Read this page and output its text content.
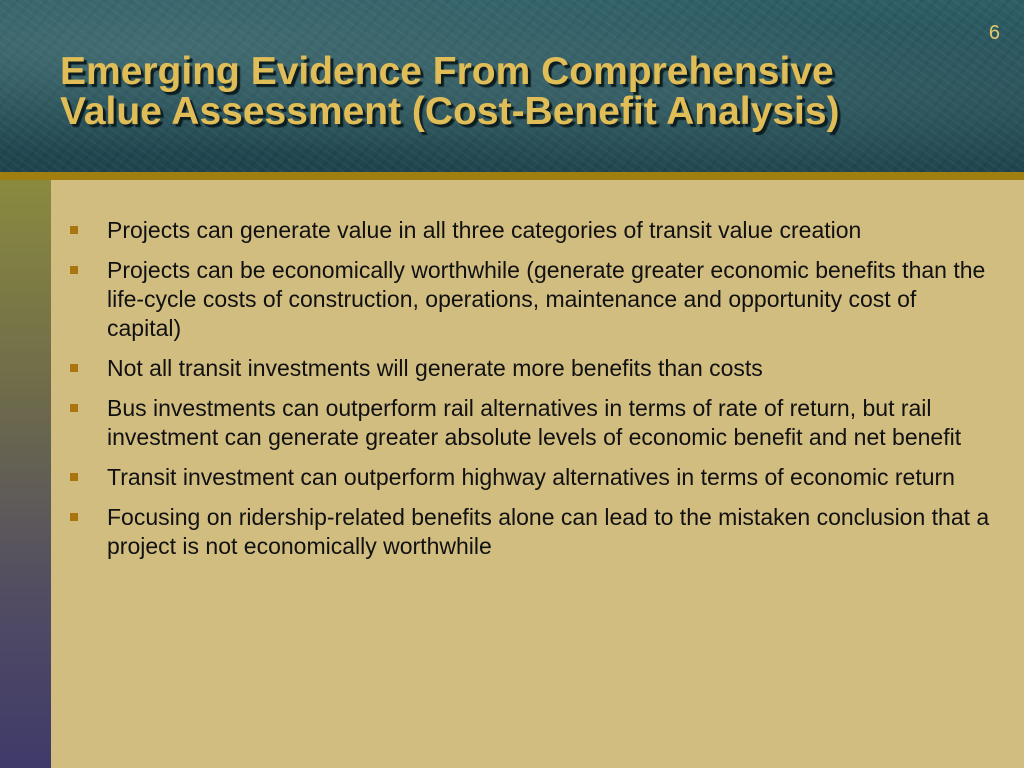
6
Emerging Evidence From Comprehensive
Value Assessment (Cost-Benefit Analysis)
Projects can generate value in all three categories of transit value creation
Projects can be economically worthwhile (generate greater economic benefits than the life-cycle costs of construction, operations, maintenance and opportunity cost of capital)
Not all transit investments will generate more benefits than costs
Bus investments can outperform rail alternatives in terms of rate of return, but rail investment can generate greater absolute levels of economic benefit and net benefit
Transit investment can outperform highway alternatives in terms of economic return
Focusing on ridership-related benefits alone can lead to the mistaken conclusion that a project is not economically worthwhile
